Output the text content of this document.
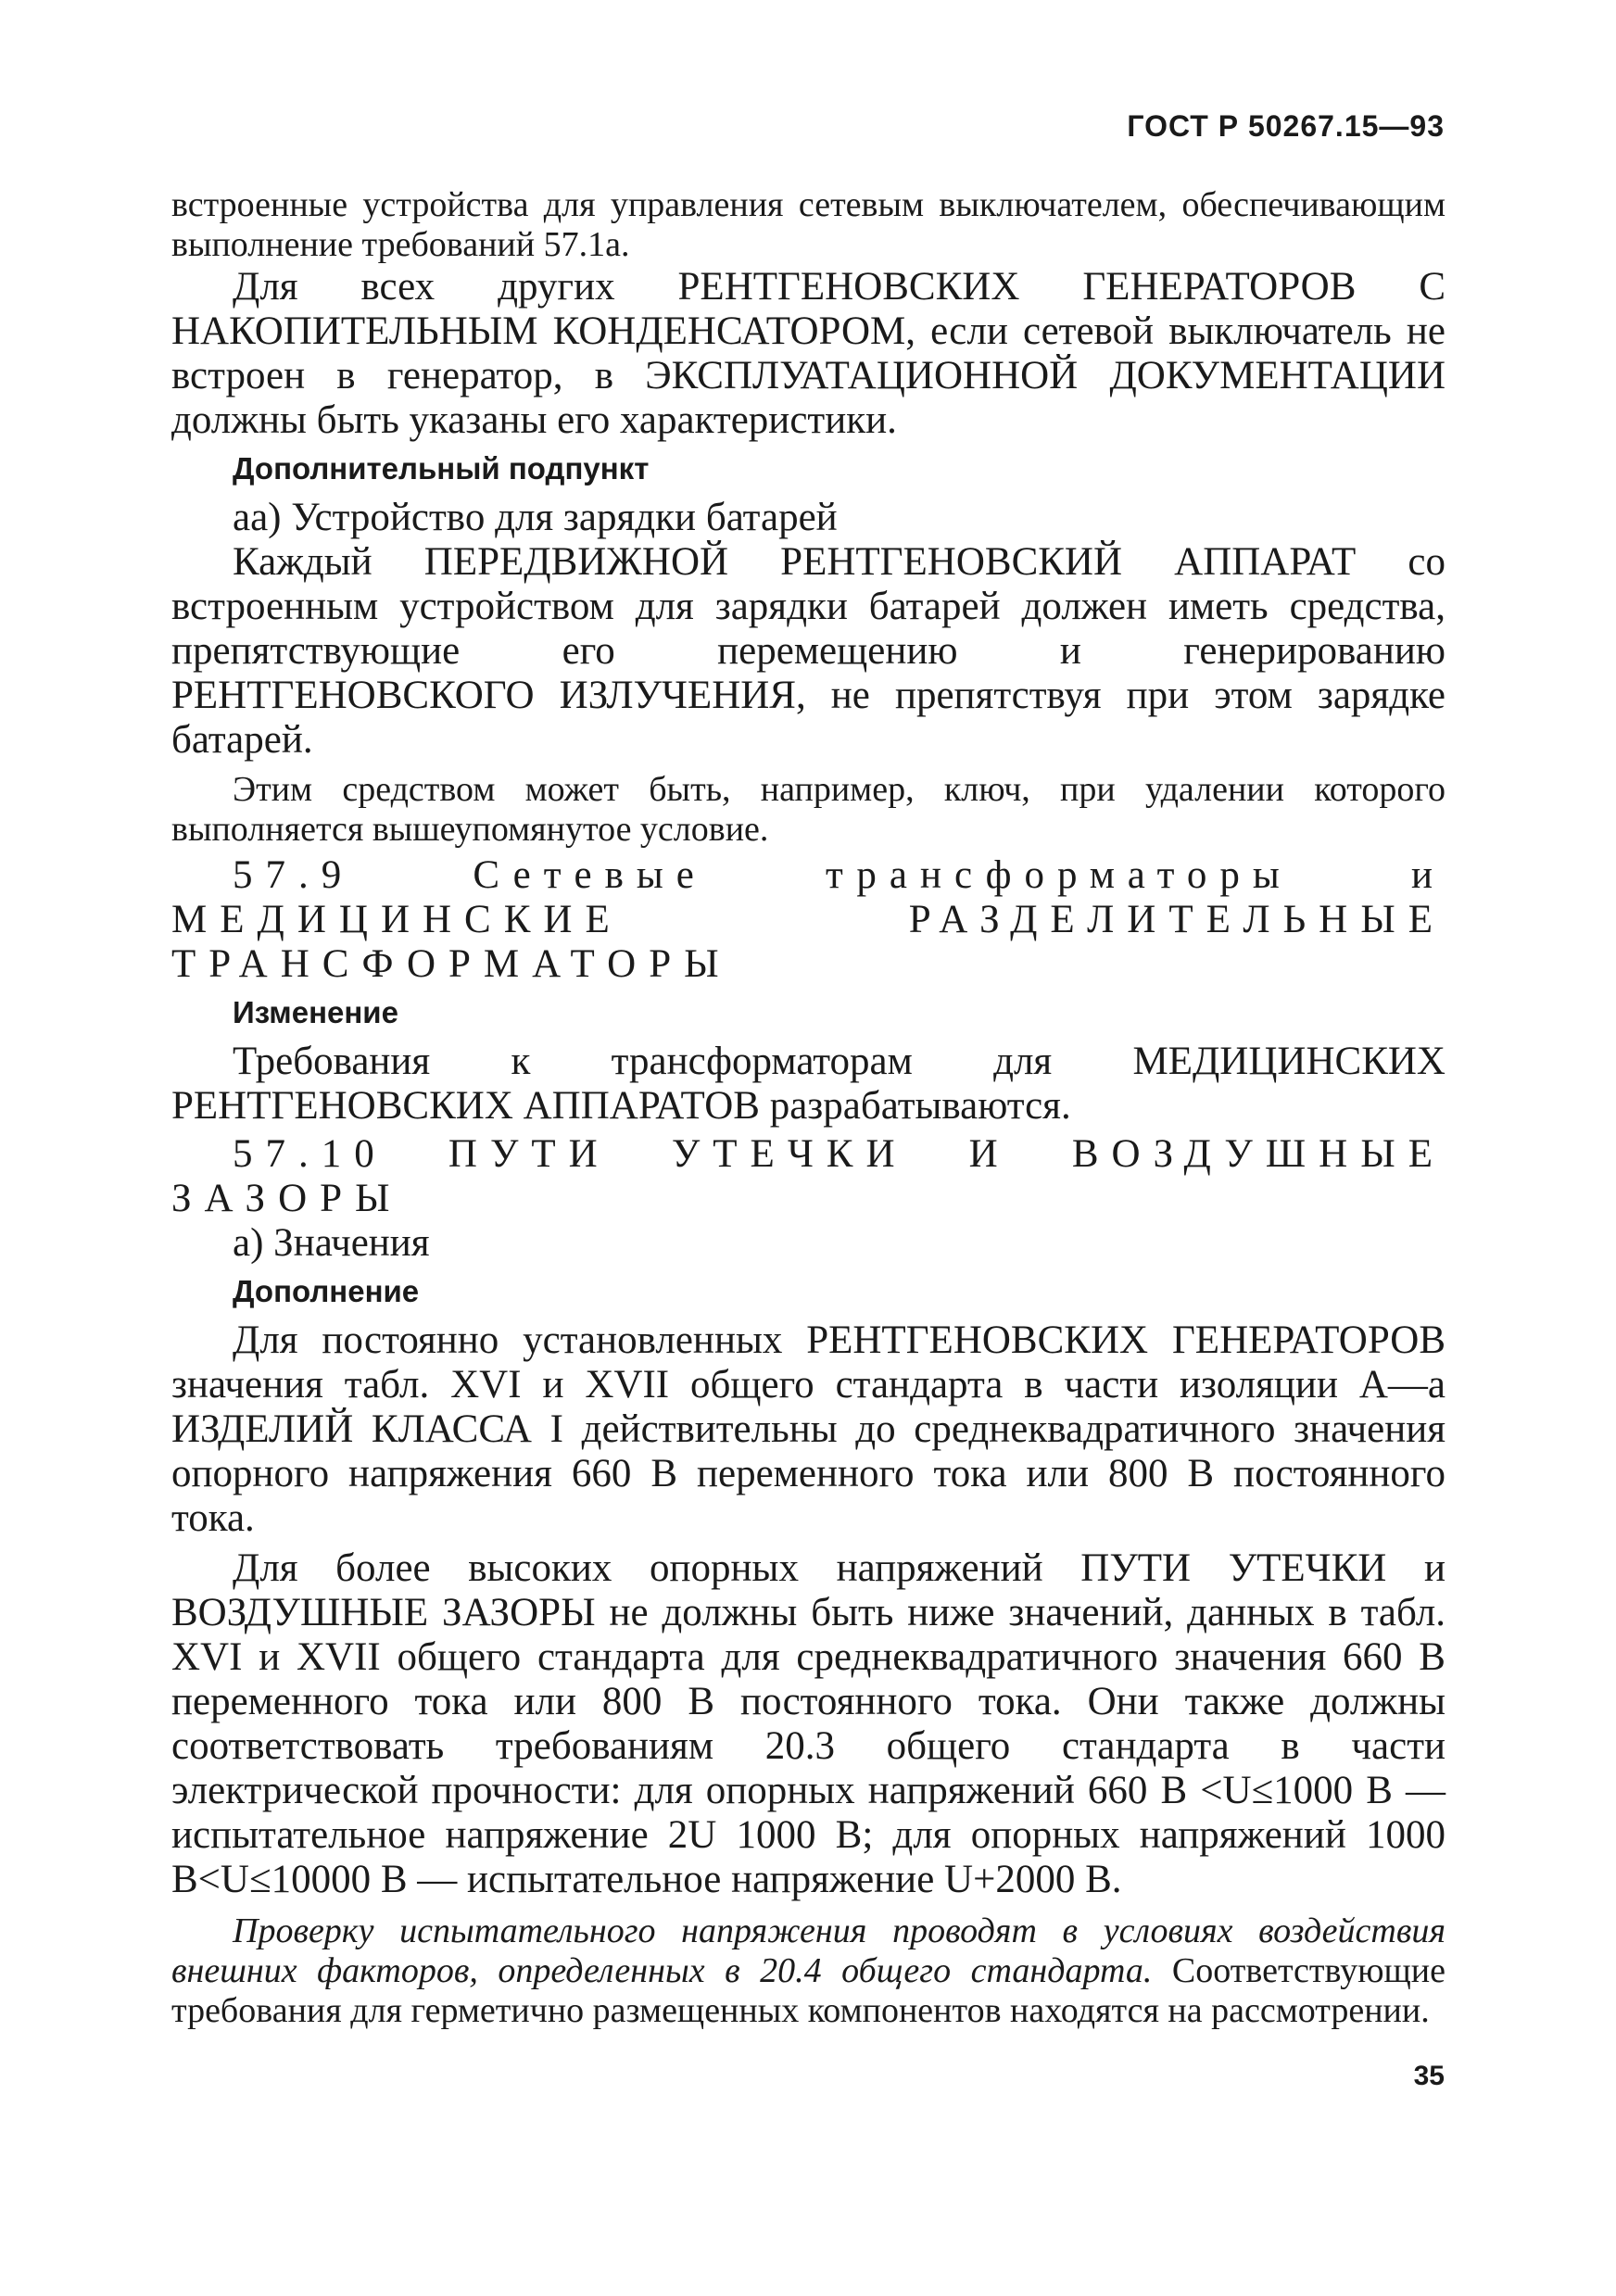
ГОСТ Р 50267.15—93

встроенные устройства для управления сетевым выключателем, обеспечивающим выполнение требований 57.1а.

Для всех других РЕНТГЕНОВСКИХ ГЕНЕРАТОРОВ С НАКОПИТЕЛЬНЫМ КОНДЕНСАТОРОМ, если сетевой выключатель не встроен в генератор, в ЭКСПЛУАТАЦИОННОЙ ДОКУМЕНТАЦИИ должны быть указаны его характеристики.

Дополнительный подпункт

аа) Устройство для зарядки батарей

Каждый ПЕРЕДВИЖНОЙ РЕНТГЕНОВСКИЙ АППАРАТ со встроенным устройством для зарядки батарей должен иметь средства, препятствующие его перемещению и генерированию РЕНТГЕНОВСКОГО ИЗЛУЧЕНИЯ, не препятствуя при этом зарядке батарей.

Этим средством может быть, например, ключ, при удалении которого выполняется вышеупомянутое условие.

57.9 Сетевые трансформаторы и МЕДИЦИНСКИЕ РАЗДЕЛИТЕЛЬНЫЕ ТРАНСФОРМАТОРЫ

Изменение

Требования к трансформаторам для МЕДИЦИНСКИХ РЕНТГЕНОВСКИХ АППАРАТОВ разрабатываются.

57.10 ПУТИ УТЕЧКИ И ВОЗДУШНЫЕ ЗАЗОРЫ

а) Значения

Дополнение

Для постоянно установленных РЕНТГЕНОВСКИХ ГЕНЕРАТОРОВ значения табл. XVI и XVII общего стандарта в части изоляции А—а ИЗДЕЛИЙ КЛАССА I действительны до среднеквадратичного значения опорного напряжения 660 В переменного тока или 800 В постоянного тока.

Для более высоких опорных напряжений ПУТИ УТЕЧКИ и ВОЗДУШНЫЕ ЗАЗОРЫ не должны быть ниже значений, данных в табл. XVI и XVII общего стандарта для среднеквадратичного значения 660 В переменного тока или 800 В постоянного тока. Они также должны соответствовать требованиям 20.3 общего стандарта в части электрической прочности: для опорных напряжений 660 В <U≤1000 В — испытательное напряжение 2U 1000 В; для опорных напряжений 1000 В<U≤10000 В — испытательное напряжение U+2000 В.

Проверку испытательного напряжения проводят в условиях воздействия внешних факторов, определенных в 20.4 общего стандарта. Соответствующие требования для герметично размещенных компонентов находятся на рассмотрении.

35
